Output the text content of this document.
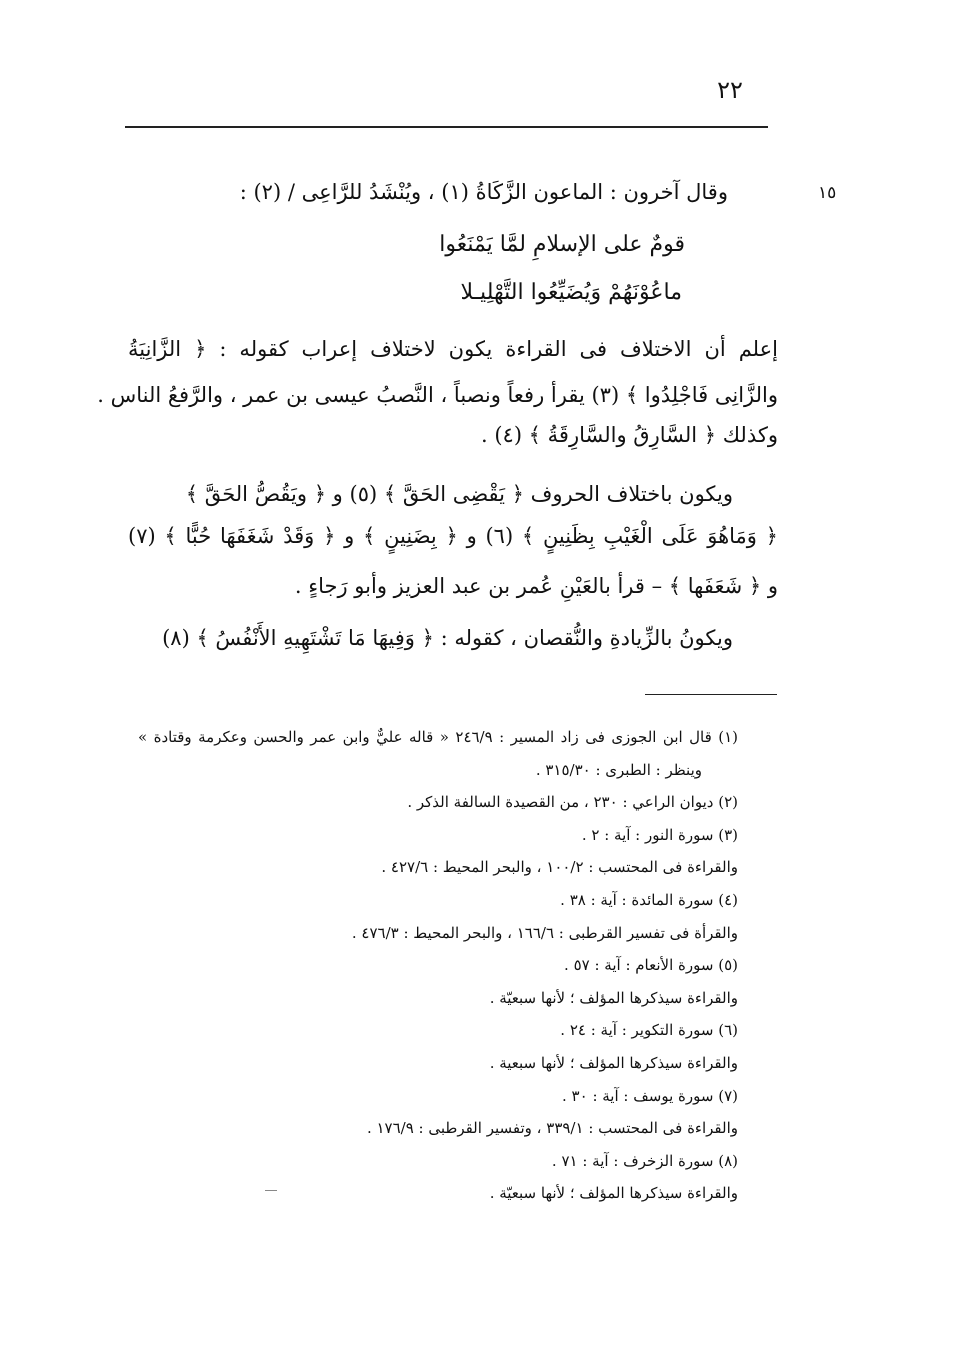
٢٢
١٥
وقال آخرون : الماعون الزَّكَاةُ (١) ، ويُنْشَدُ للرَّاعِى / (٢) :
قومٌ على الإسلامِ لمَّا يَمْنَعُوا
ماعُوْنَهُمْ وَيُضَيِّعُوا التَّهْلِيـلا
إعلم أن الاختلاف فى القراءة يكون لاختلاف إعراب كقوله : ﴿ الزَّانِيَةُ
والزَّانِى فَاجْلِدُوا ﴾ (٣) يقرأ رفعاً ونصباً ، النَّصبُ عيسى بن عمر ، والرَّفعُ الناس .
وكذلك ﴿ السَّارِقُ والسَّارِقَةُ ﴾ (٤) .
ويكون باختلاف الحروف ﴿ يَقْضِى الحَقَّ ﴾ (٥) و ﴿ ويَقُصُّ الحَقَّ ﴾
﴿ وَمَاهُوَ عَلَى الْغَيْبِ بِظَنِينٍ ﴾ (٦) و ﴿ بِضَنِينٍ ﴾ و ﴿ وَقَدْ شَغَفَهَا حُبًّا ﴾ (٧)
و ﴿ شَعَفَها ﴾ – قرأ بالعَيْنِ عُمر بن عبد العزيز وأبو رَجاءٍ .
ويكونُ بالزِّيادةِ والنُّقصان ، كقوله : ﴿ وَفِيهَا مَا تَشْتَهِيهِ الأَنْفُسُ ﴾ (٨)
(١) قال ابن الجوزى فى زاد المسير : ٢٤٦/٩ « قاله عليٌّ وابن عمر والحسن وعكرمة وقتادة »
وينظر : الطبرى : ٣١٥/٣٠ .
(٢) ديوان الراعي : ٢٣٠ ، من القصيدة السالفة الذكر .
(٣) سورة النور : آية : ٢ .
والقراءة فى المحتسب : ١٠٠/٢ ، والبحر المحيط : ٤٢٧/٦ .
(٤) سورة المائدة : آية : ٣٨ .
والقرأة فى تفسير القرطبى : ١٦٦/٦ ، والبحر المحيط : ٤٧٦/٣ .
(٥) سورة الأنعام : آية : ٥٧ .
والقراءة سيذكرها المؤلف ؛ لأنها سبعيّة .
(٦) سورة التكوير : آية : ٢٤ .
والقراءة سيذكرها المؤلف ؛ لأنها سبعية .
(٧) سورة يوسف : آية : ٣٠ .
والقراءة فى المحتسب : ٣٣٩/١ ، وتفسير القرطبى : ١٧٦/٩ .
(٨) سورة الزخرف : آية : ٧١ .
والقراءة سيذكرها المؤلف ؛ لأنها سبعيّة .
